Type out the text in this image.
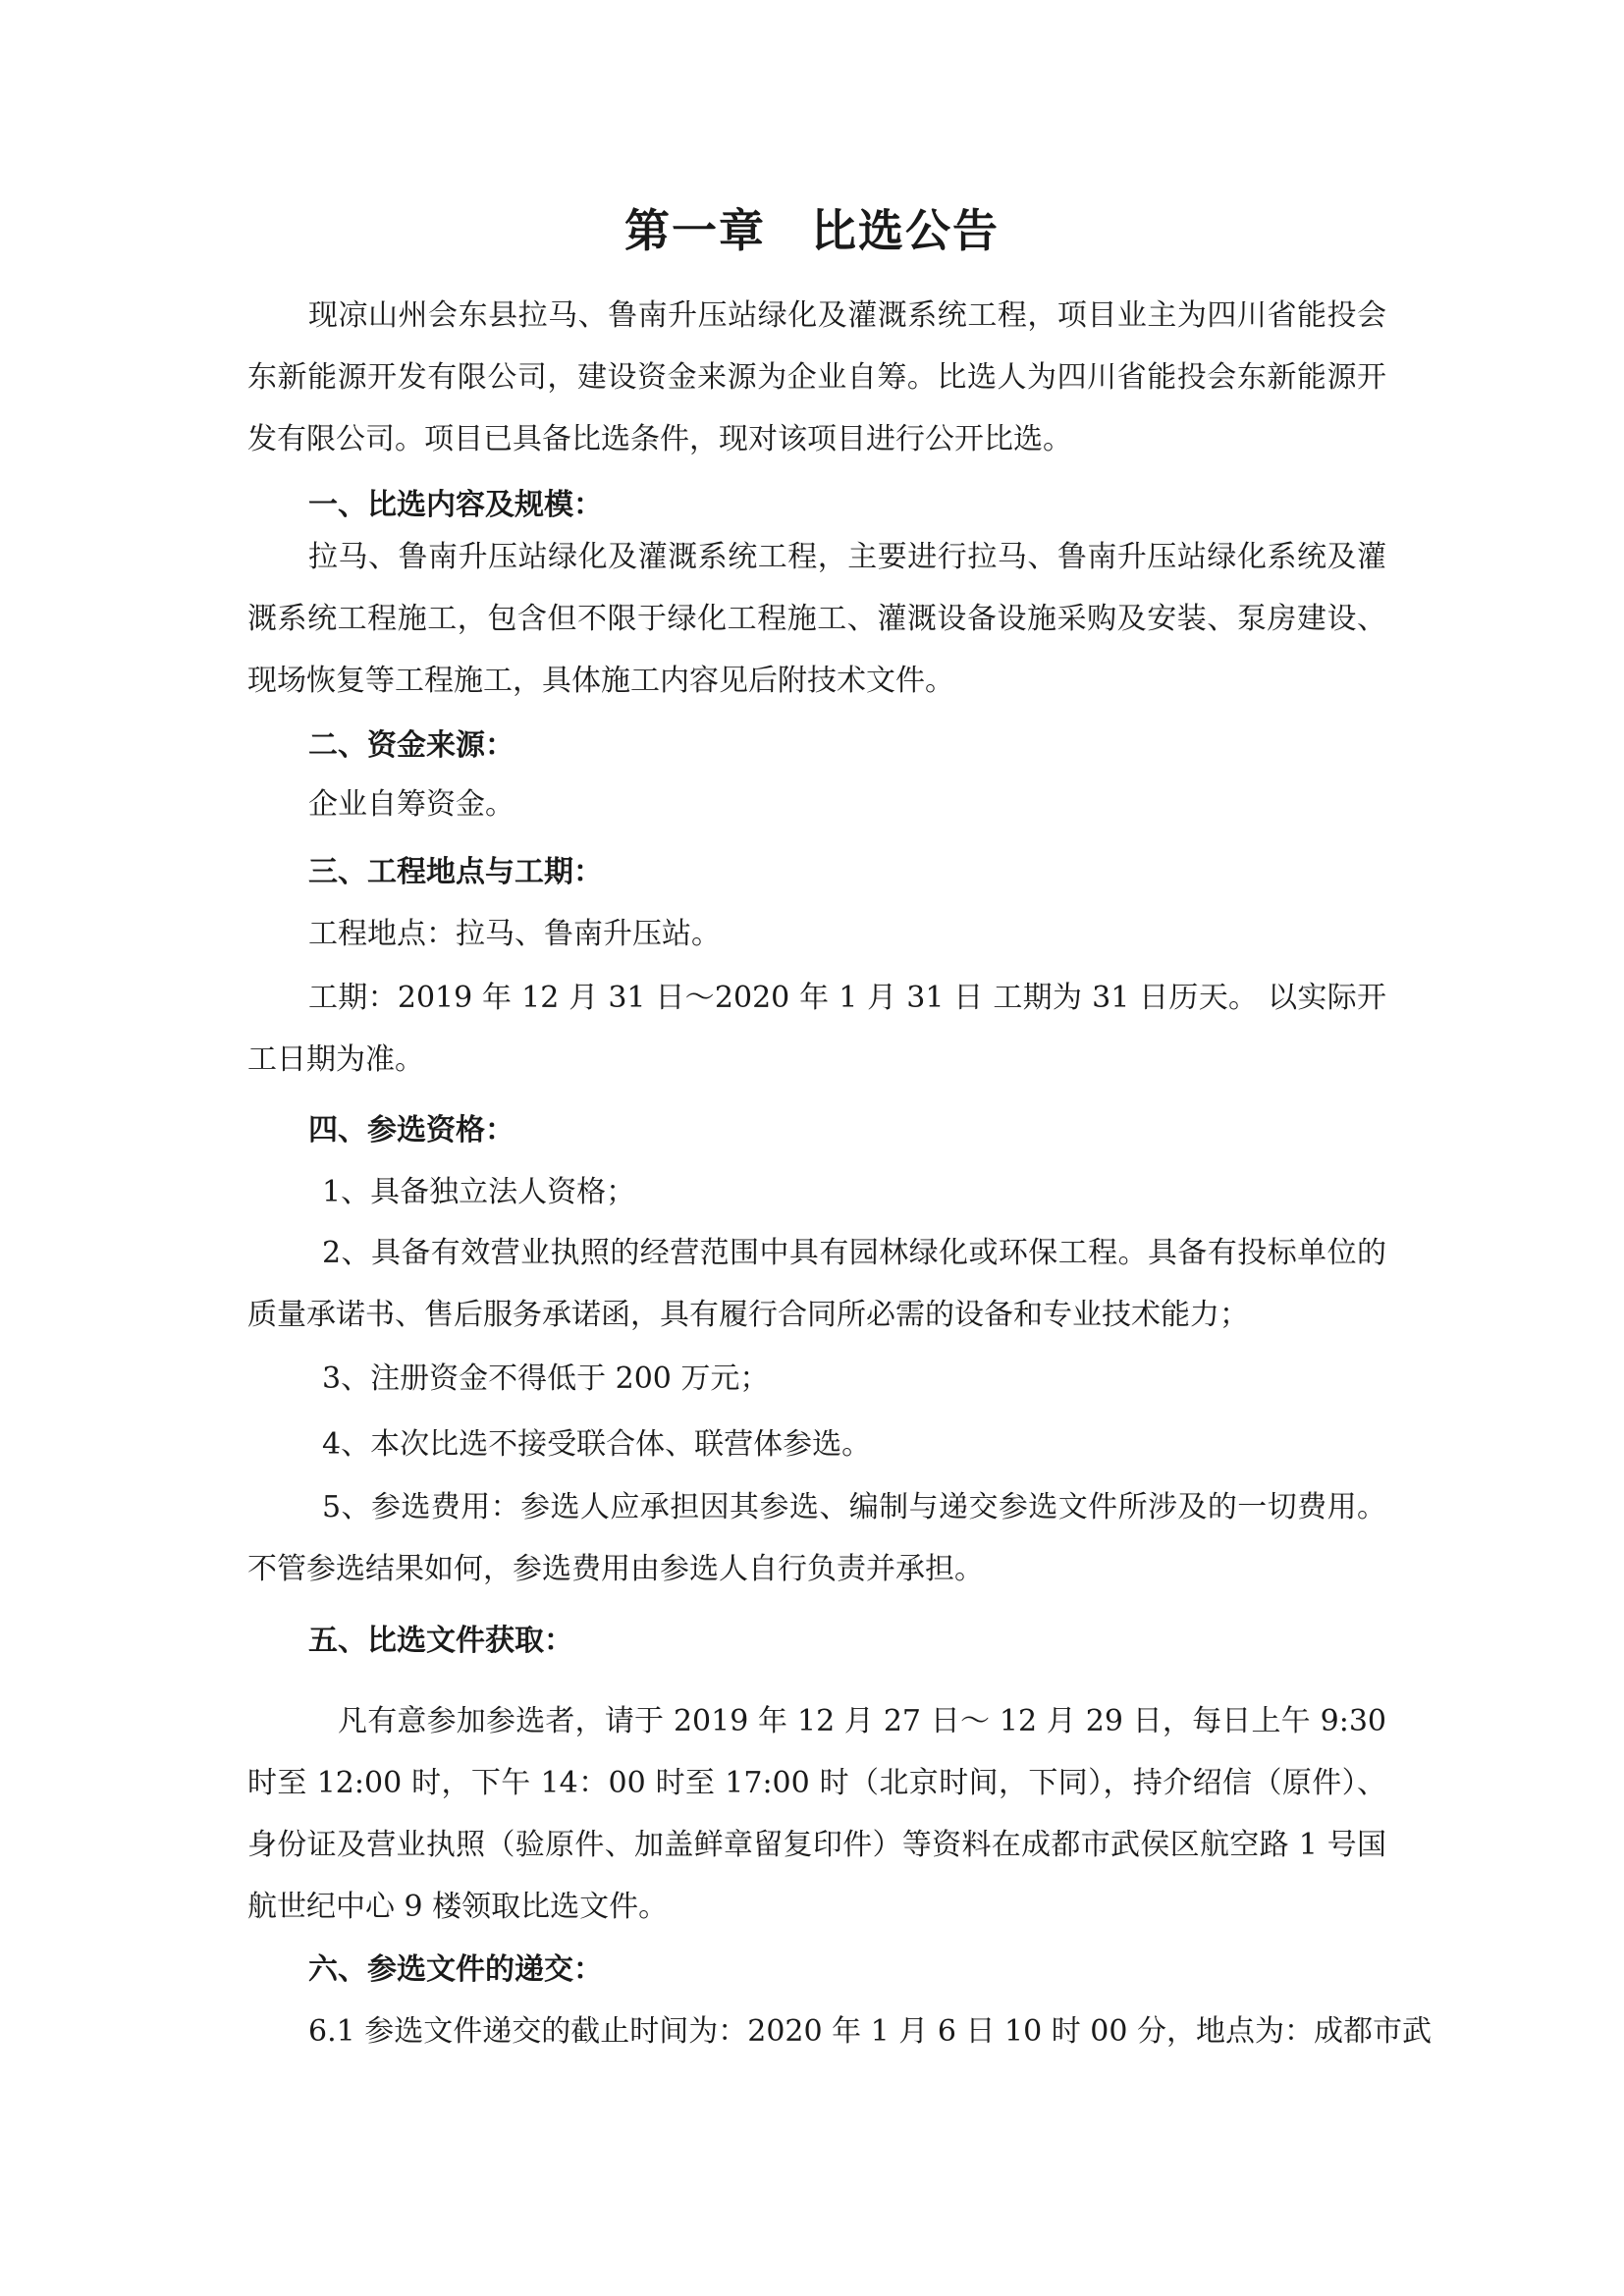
第一章 比选公告
现凉山州会东县拉马、鲁南升压站绿化及灌溉系统工程，项目业主为四川省能投会东新能源开发有限公司，建设资金来源为企业自筹。比选人为四川省能投会东新能源开发有限公司。项目已具备比选条件，现对该项目进行公开比选。
一、比选内容及规模：
拉马、鲁南升压站绿化及灌溉系统工程，主要进行拉马、鲁南升压站绿化系统及灌溉系统工程施工，包含但不限于绿化工程施工、灌溉设备设施采购及安装、泵房建设、现场恢复等工程施工，具体施工内容见后附技术文件。
二、资金来源：
企业自筹资金。
三、工程地点与工期：
工程地点：拉马、鲁南升压站。
工期：2019 年 12 月 31 日～2020 年 1 月 31 日 工期为 31 日历天。 以实际开工日期为准。
四、参选资格：
1、具备独立法人资格；
2、具备有效营业执照的经营范围中具有园林绿化或环保工程。具备有投标单位的质量承诺书、售后服务承诺函，具有履行合同所必需的设备和专业技术能力；
3、注册资金不得低于 200 万元；
4、本次比选不接受联合体、联营体参选。
5、参选费用：参选人应承担因其参选、编制与递交参选文件所涉及的一切费用。不管参选结果如何，参选费用由参选人自行负责并承担。
五、比选文件获取：
凡有意参加参选者，请于 2019 年 12 月 27 日～ 12 月 29 日，每日上午 9:30 时至 12:00 时，下午 14：00 时至 17:00 时（北京时间，下同），持介绍信（原件）、身份证及营业执照（验原件、加盖鲜章留复印件）等资料在成都市武侯区航空路 1 号国航世纪中心 9 楼领取比选文件。
六、参选文件的递交：
6.1 参选文件递交的截止时间为：2020 年 1 月 6 日 10 时 00 分，地点为：成都市武
